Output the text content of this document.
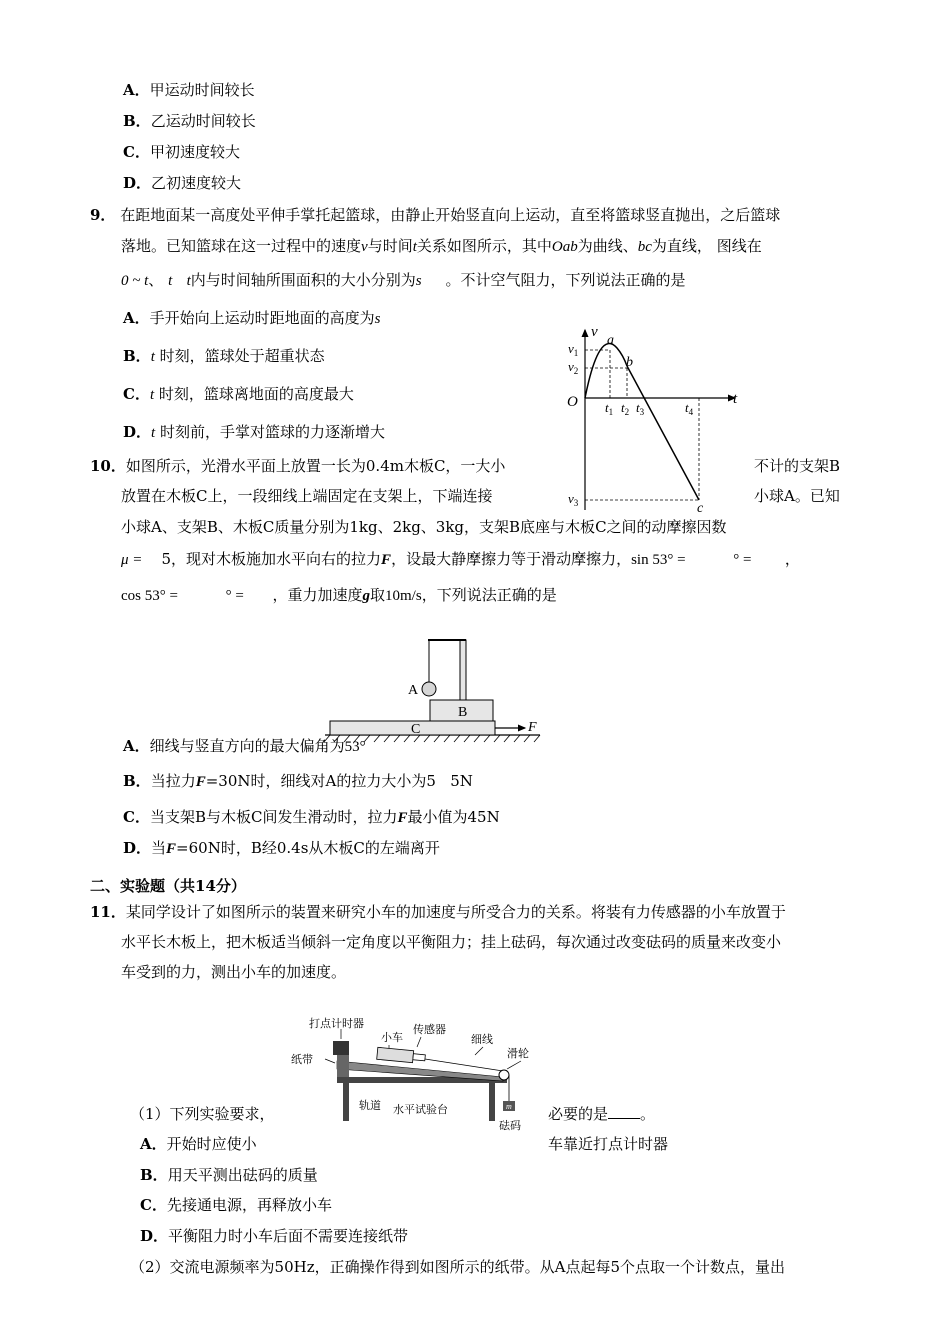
A．甲运动时间较长
B．乙运动时间较长
C．甲初速度较大
D．乙初速度较大
9． 在距地面某一高度处平伸手掌托起篮球，由静止开始竖直向上运动，直至将篮球竖直抛出，之后篮球
落地。已知篮球在这一过程中的速度v与时间t关系如图所示，其中Oab为曲线、bc为直线， 图线在
0 ~ t、 t t内与时间轴所围面积的大小分别为s 。不计空气阻力，下列说法正确的是
A．手开始向上运动时距地面的高度为s
B．t 时刻，篮球处于超重状态
C．t 时刻，篮球离地面的高度最大
D．t 时刻前，手掌对篮球的力逐渐增大
v
t
O
a
b
c
$v_1$
$v_2$
$v_3$
$t_1$ $t_2$ $t_3$	$t_4$
10．如图所示，光滑水平面上放置一长为0.4m木板C，一大小	不计的支架B
放置在木板C上，一段细线上端固定在支架上，下端连接	小球A。已知
小球A、支架B、木板C质量分别为1kg、2kg、3kg，支架B底座与木板C之间的动摩擦因数
μ = 5，现对木板施加水平向右的拉力F，设最大静摩擦力等于滑动摩擦力，sin 53° =	° = ，
cos 53° =	° = ，重力加速度g取10m/s，下列说法正确的是
A
B
C	F
A．细线与竖直方向的最大偏角为53°
B．当拉力F=30N时，细线对A的拉力大小为5 5N
C．当支架B与木板C间发生滑动时，拉力F最小值为45N
D．当F=60N时，B经0.4s从木板C的左端离开
二、实验题（共14分）
11．某同学设计了如图所示的装置来研究小车的加速度与所受合力的关系。将装有力传感器的小车放置于
水平长木板上，把木板适当倾斜一定角度以平衡阻力；挂上砝码，每次通过改变砝码的质量来改变小
车受到的力，测出小车的加速度。
打点计时器
小车
传感器
细线
滑轮
纸带
轨道 水平试验台
砝码
m
（1）下列实验要求，	必要的是 。
A．开始时应使小	车靠近打点计时器
B．用天平测出砝码的质量
C．先接通电源，再释放小车
D．平衡阻力时小车后面不需要连接纸带
（2）交流电源频率为50Hz，正确操作得到如图所示的纸带。从A点起每5个点取一个计数点，量出
